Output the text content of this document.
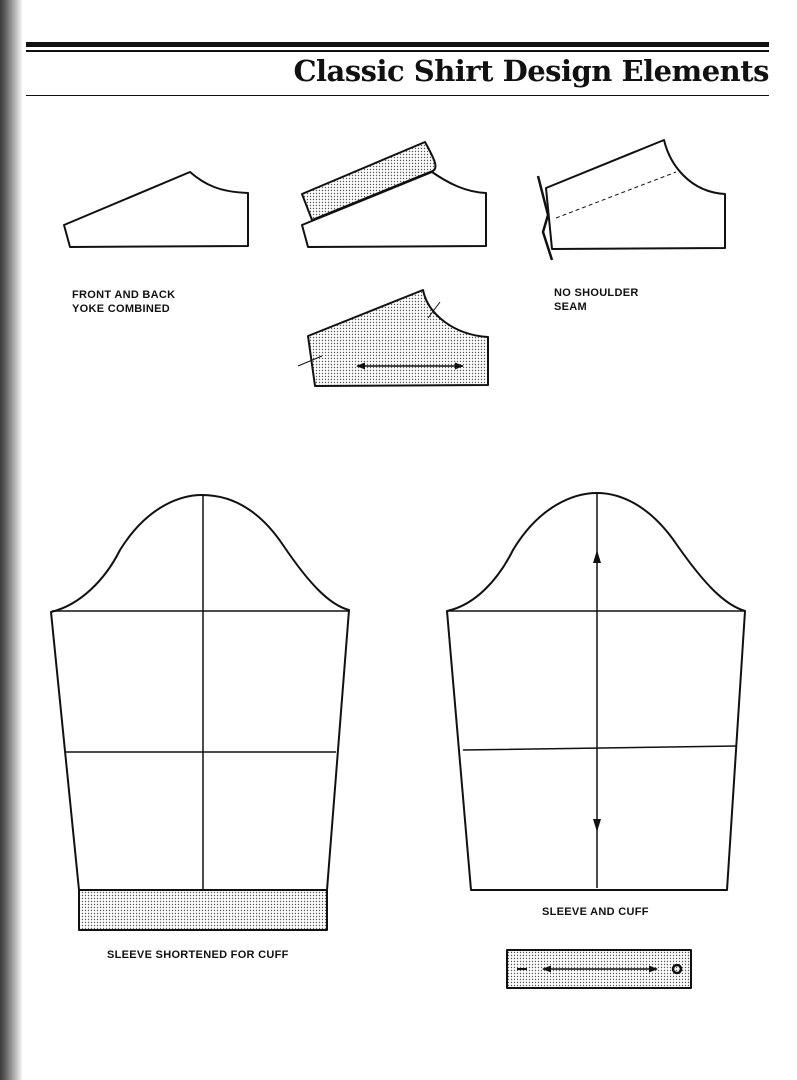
Classic Shirt Design Elements
FRONT AND BACK
YOKE COMBINED
NO SHOULDER
SEAM
SLEEVE SHORTENED FOR CUFF
SLEEVE AND CUFF
